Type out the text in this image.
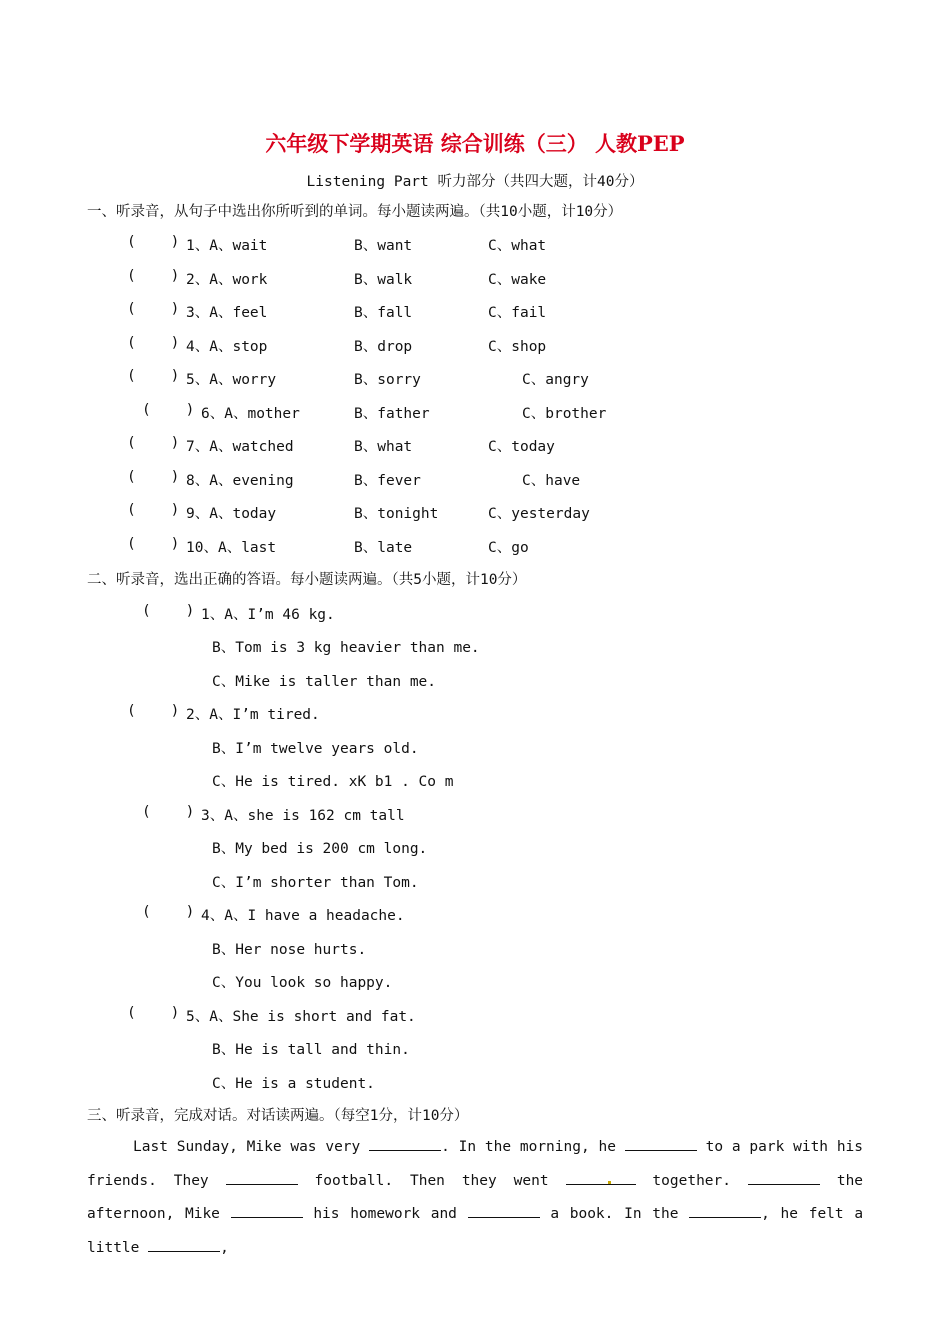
六年级下学期英语 综合训练（三） 人教PEP
Listening Part 听力部分（共四大题，计40分）
一、听录音，从句子中选出你所听到的单词。每小题读两遍。（共10小题，计10分）
(    ) 1、A、wait	B、want	C、what
(    ) 2、A、work	B、walk	C、wake
(    ) 3、A、feel	B、fall	C、fail
(    ) 4、A、stop	B、drop	C、shop
(    ) 5、A、worry	B、sorry	C、angry
(    ) 6、A、mother	B、father	C、brother
(    ) 7、A、watched	B、what	C、today
(    ) 8、A、evening	B、fever	C、have
(    ) 9、A、today	B、tonight	C、yesterday
(    ) 10、A、last	B、late	C、go
二、听录音，选出正确的答语。每小题读两遍。（共5小题，计10分）
(    ) 1、A、I’m 46 kg.
B、Tom is 3 kg heavier than me.
C、Mike is taller than me.
(    ) 2、A、I’m tired.
B、I’m twelve years old.
C、He is tired. xK b1 . Co m
(    ) 3、A、she is 162 cm tall
B、My bed is 200 cm long.
C、I’m shorter than Tom.
(    ) 4、A、I have a headache.
B、Her nose hurts.
C、You look so happy.
(    ) 5、A、She is short and fat.
B、He is tall and thin.
C、He is a student.
三、听录音，完成对话。对话读两遍。（每空1分，计10分）
Last Sunday, Mike was very	. In the morning, he	to a park with his friends. They	football. Then they went	together.	the afternoon, Mike	his homework and	a book. In the	, he felt a little	,
